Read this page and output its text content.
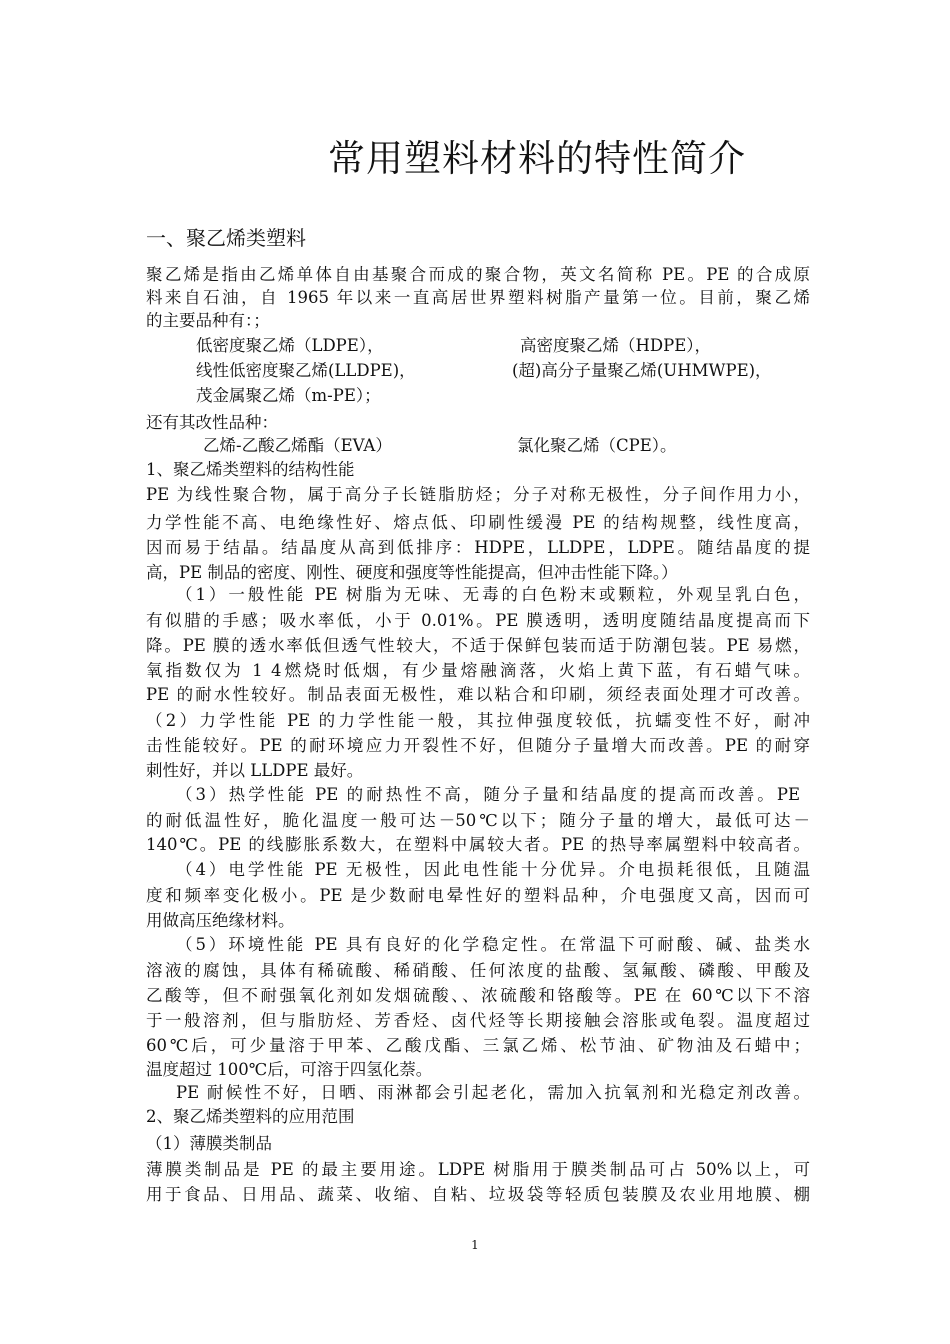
常用塑料材料的特性简介
一、聚乙烯类塑料
聚乙烯是指由乙烯单体自由基聚合而成的聚合物，英文名简称 PE。PE 的合成原
料来自石油，自 1965 年以来一直高居世界塑料树脂产量第一位。目前，聚乙烯
的主要品种有：；
低密度聚乙烯（LDPE），	高密度聚乙烯（HDPE），
线性低密度聚乙烯(LLDPE)，	(超)高分子量聚乙烯(UHMWPE)，
茂金属聚乙烯（m-PE）；
还有其改性品种：
乙烯-乙酸乙烯酯（EVA）	氯化聚乙烯（CPE）。
1、聚乙烯类塑料的结构性能
PE 为线性聚合物，属于高分子长链脂肪烃；分子对称无极性，分子间作用力小，
力学性能不高、电绝缘性好、熔点低、印刷性缓漫 PE 的结构规整，线性度高，
因而易于结晶。结晶度从高到低排序：HDPE，LLDPE，LDPE。随结晶度的提
高，PE 制品的密度、刚性、硬度和强度等性能提高，但冲击性能下降。）
（1）一般性能 PE 树脂为无味、无毒的白色粉末或颗粒，外观呈乳白色，
有似腊的手感；吸水率低，小于 0.01%。PE 膜透明，透明度随结晶度提高而下
降。PE 膜的透水率低但透气性较大，不适于保鲜包装而适于防潮包装。PE 易燃，
氧指数仅为 1 4燃烧时低烟，有少量熔融滴落，火焰上黄下蓝，有石蜡气味。
PE 的耐水性较好。制品表面无极性，难以粘合和印刷，须经表面处理才可改善。
（2）力学性能 PE 的力学性能一般，其拉伸强度较低，抗蠕变性不好，耐冲
击性能较好。PE 的耐环境应力开裂性不好，但随分子量增大而改善。PE 的耐穿
刺性好，并以 LLDPE 最好。
（3）热学性能 PE 的耐热性不高，随分子量和结晶度的提高而改善。PE
的耐低温性好，脆化温度一般可达－50℃以下；随分子量的增大，最低可达－
140℃。PE 的线膨胀系数大，在塑料中属较大者。PE 的热导率属塑料中较高者。
（4）电学性能 PE 无极性，因此电性能十分优异。介电损耗很低，且随温
度和频率变化极小。PE 是少数耐电晕性好的塑料品种，介电强度又高，因而可
用做高压绝缘材料。
（5）环境性能 PE 具有良好的化学稳定性。在常温下可耐酸、碱、盐类水
溶液的腐蚀，具体有稀硫酸、稀硝酸、任何浓度的盐酸、氢氟酸、磷酸、甲酸及
乙酸等，但不耐强氧化剂如发烟硫酸、、浓硫酸和铬酸等。PE 在 60℃以下不溶
于一般溶剂，但与脂肪烃、芳香烃、卤代烃等长期接触会溶胀或龟裂。温度超过
60℃后，可少量溶于甲苯、乙酸戊酯、三氯乙烯、松节油、矿物油及石蜡中；
温度超过 100℃后，可溶于四氢化萘。
PE 耐候性不好，日晒、雨淋都会引起老化，需加入抗氧剂和光稳定剂改善。
2、聚乙烯类塑料的应用范围
（1）薄膜类制品
薄膜类制品是 PE 的最主要用途。LDPE 树脂用于膜类制品可占 50%以上，可
用于食品、日用品、蔬菜、收缩、自粘、垃圾袋等轻质包装膜及农业用地膜、棚
1
